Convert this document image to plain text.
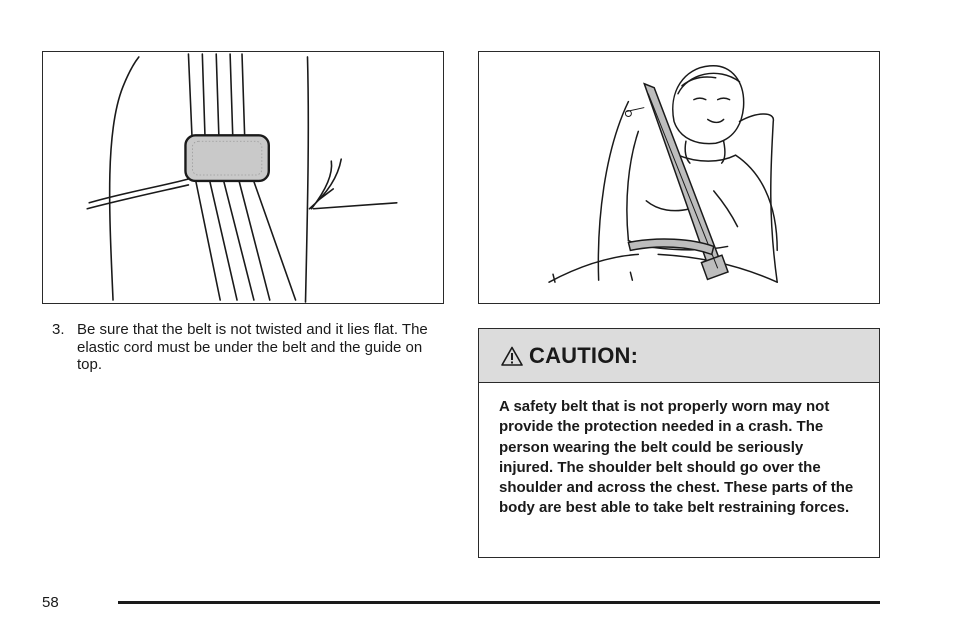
3. Be sure that the belt is not twisted and it lies flat. The elastic cord must be under the belt and the guide on top.	CAUTION:
A safety belt that is not properly worn may not provide the protection needed in a crash. The person wearing the belt could be seriously injured. The shoulder belt should go over the shoulder and across the chest. These parts of the body are best able to take belt restraining forces.
58
